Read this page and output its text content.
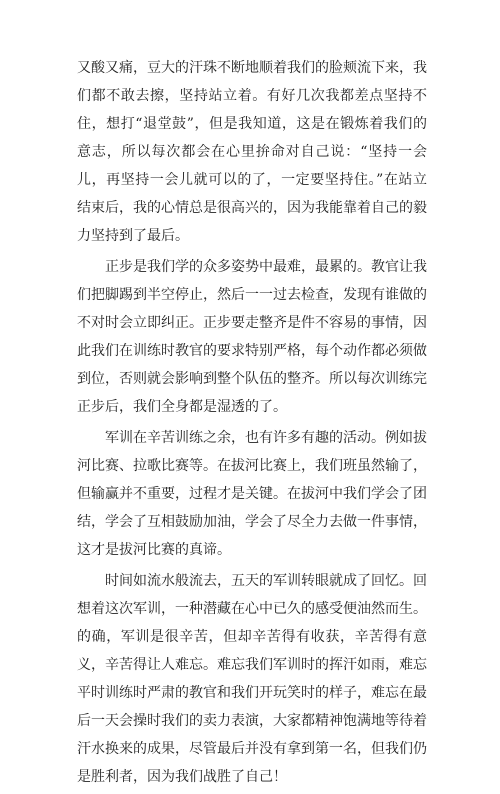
又酸又痛，豆大的汗珠不断地顺着我们的脸颊流下来，我们都不敢去擦，坚持站立着。有好几次我都差点坚持不住，想打“退堂鼓”，但是我知道，这是在锻炼着我们的意志，所以每次都会在心里拚命对自己说：“坚持一会儿，再坚持一会儿就可以的了，一定要坚持住。”在站立结束后，我的心情总是很高兴的，因为我能靠着自己的毅力坚持到了最后。

正步是我们学的众多姿势中最难，最累的。教官让我们把脚踢到半空停止，然后一一过去检查，发现有谁做的不对时会立即纠正。正步要走整齐是件不容易的事情，因此我们在训练时教官的要求特别严格，每个动作都必须做到位，否则就会影响到整个队伍的整齐。所以每次训练完正步后，我们全身都是湿透的了。

军训在辛苦训练之余，也有许多有趣的活动。例如拔河比赛、拉歌比赛等。在拔河比赛上，我们班虽然输了，但输赢并不重要，过程才是关键。在拔河中我们学会了团结，学会了互相鼓励加油，学会了尽全力去做一件事情，这才是拔河比赛的真谛。

时间如流水般流去，五天的军训转眼就成了回忆。回想着这次军训，一种潜藏在心中已久的感受便油然而生。的确，军训是很辛苦，但却辛苦得有收获，辛苦得有意义，辛苦得让人难忘。难忘我们军训时的挥汗如雨，难忘平时训练时严肃的教官和我们开玩笑时的样子，难忘在最后一天会操时我们的卖力表演，大家都精神饱满地等待着汗水换来的成果，尽管最后并没有拿到第一名，但我们仍是胜利者，因为我们战胜了自己！
